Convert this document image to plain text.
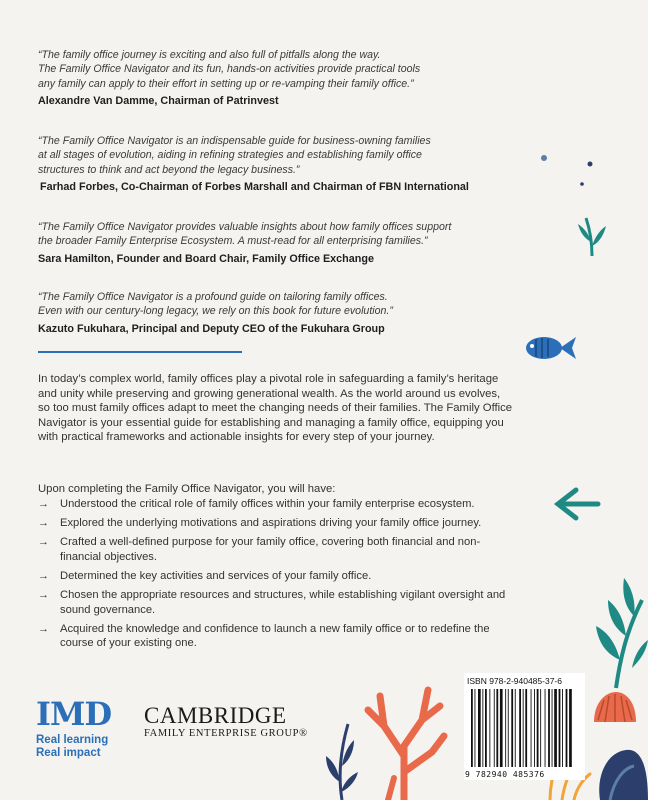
“The family office journey is exciting and also full of pitfalls along the way.
The Family Office Navigator and its fun, hands-on activities provide practical tools
any family can apply to their effort in setting up or re-vamping their family office.”

Alexandre Van Damme, Chairman of Patrinvest

“The Family Office Navigator is an indispensable guide for business-owning families
at all stages of evolution, aiding in refining strategies and establishing family office
structures to think and act beyond the legacy business.”

Farhad Forbes, Co-Chairman of Forbes Marshall and Chairman of FBN International

“The Family Office Navigator provides valuable insights about how family offices support
the broader Family Enterprise Ecosystem. A must-read for all enterprising families.”

Sara Hamilton, Founder and Board Chair, Family Office Exchange

“The Family Office Navigator is a profound guide on tailoring family offices.
Even with our century-long legacy, we rely on this book for future evolution.”

Kazuto Fukuhara, Principal and Deputy CEO of the Fukuhara Group

In today’s complex world, family offices play a pivotal role in safeguarding a family’s heritage and unity while preserving and growing generational wealth. As the world around us evolves, so too must family offices adapt to meet the changing needs of their families. The Family Office Navigator is your essential guide for establishing and managing a family office, equipping you with practical frameworks and actionable insights for every step of your journey.

Upon completing the Family Office Navigator, you will have:

→ Understood the critical role of family offices within your family enterprise ecosystem.
→ Explored the underlying motivations and aspirations driving your family office journey.
→ Crafted a well-defined purpose for your family office, covering both financial and non-financial objectives.
→ Determined the key activities and services of your family office.
→ Chosen the appropriate resources and structures, while establishing vigilant oversight and sound governance.
→ Acquired the knowledge and confidence to launch a new family office or to redefine the course of your existing one.
IMD
Real learning
Real impact
CAMBRIDGE
FAMILY ENTERPRISE GROUP®
ISBN 978-2-940485-37-6
9 782940 485376
